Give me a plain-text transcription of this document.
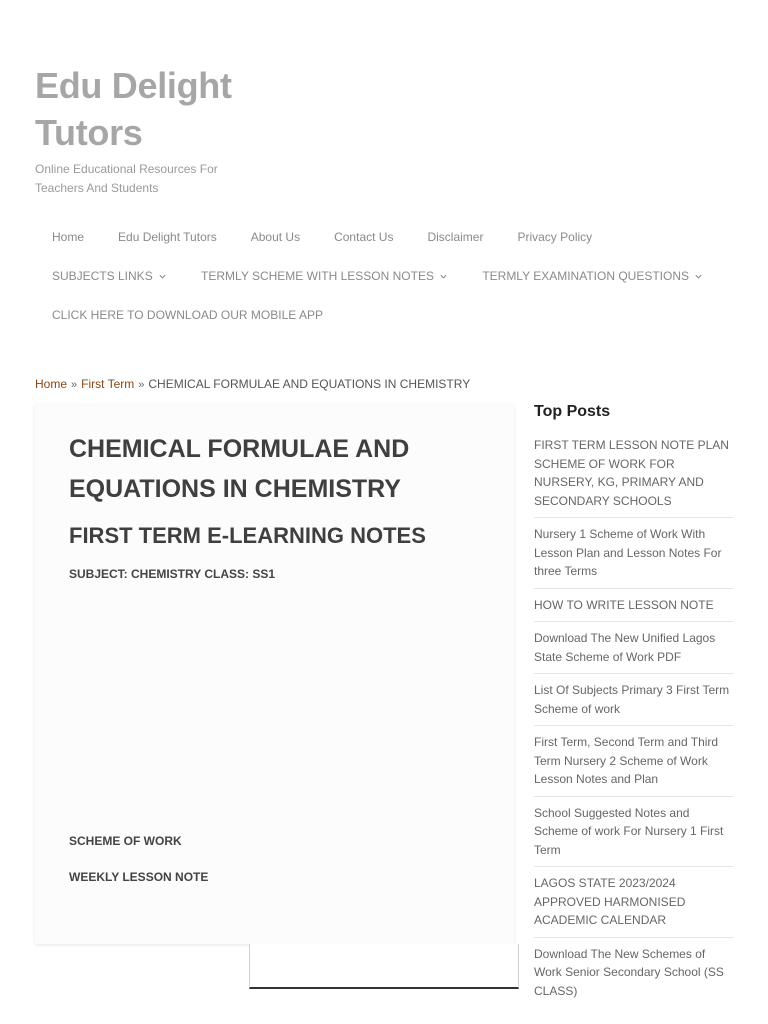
Edu Delight Tutors
Online Educational Resources For Teachers And Students
Home	Edu Delight Tutors	About Us	Contact Us	Disclaimer	Privacy Policy
SUBJECTS LINKS	TERMLY SCHEME WITH LESSON NOTES	TERMLY EXAMINATION QUESTIONS
CLICK HERE TO DOWNLOAD OUR MOBILE APP
Home » First Term » CHEMICAL FORMULAE AND EQUATIONS IN CHEMISTRY
CHEMICAL FORMULAE AND EQUATIONS IN CHEMISTRY
FIRST TERM E-LEARNING NOTES
SUBJECT: CHEMISTRY CLASS: SS1
SCHEME OF WORK
WEEKLY LESSON NOTE
Top Posts
FIRST TERM LESSON NOTE PLAN SCHEME OF WORK FOR NURSERY, KG, PRIMARY AND SECONDARY SCHOOLS
Nursery 1 Scheme of Work With Lesson Plan and Lesson Notes For three Terms
HOW TO WRITE LESSON NOTE
Download The New Unified Lagos State Scheme of Work PDF
List Of Subjects Primary 3 First Term Scheme of work
First Term, Second Term and Third Term Nursery 2 Scheme of Work Lesson Notes and Plan
School Suggested Notes and Scheme of work For Nursery 1 First Term
LAGOS STATE 2023/2024 APPROVED HARMONISED ACADEMIC CALENDAR
Download The New Schemes of Work Senior Secondary School (SS CLASS)
